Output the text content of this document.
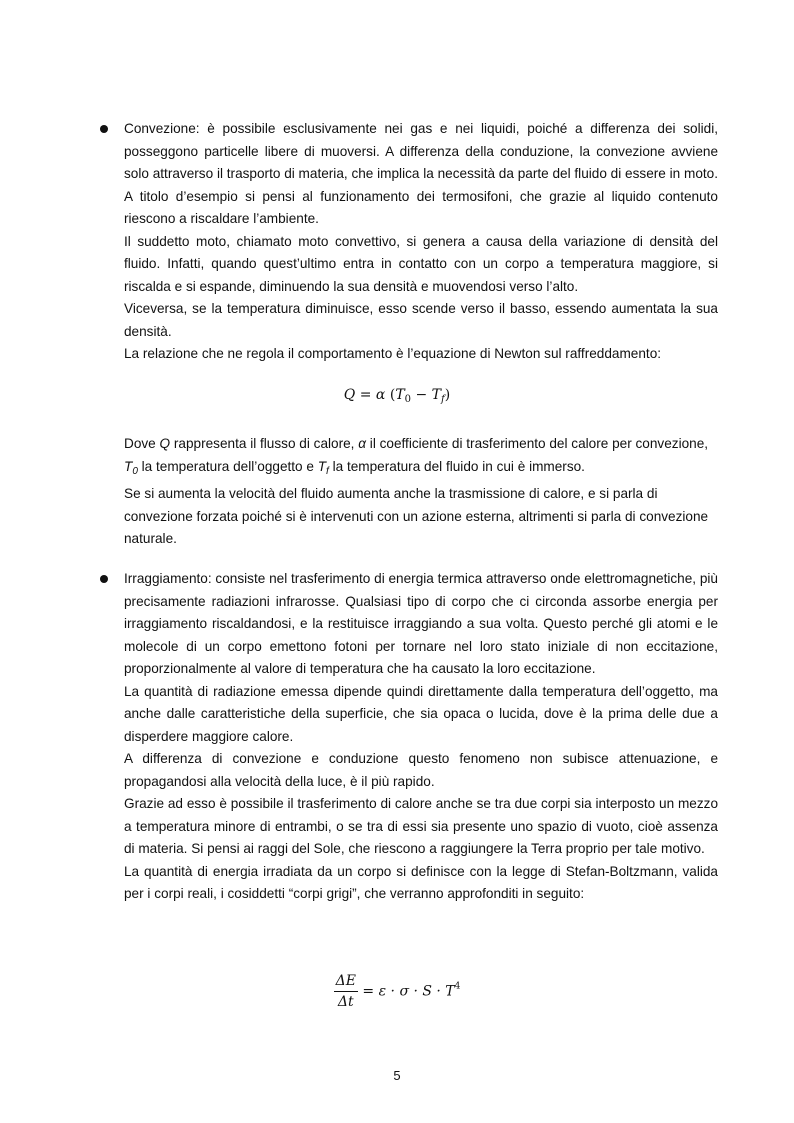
Convezione: è possibile esclusivamente nei gas e nei liquidi, poiché a differenza dei solidi, posseggono particelle libere di muoversi. A differenza della conduzione, la convezione avviene solo attraverso il trasporto di materia, che implica la necessità da parte del fluido di essere in moto. A titolo d’esempio si pensi al funzionamento dei termosifoni, che grazie al liquido contenuto riescono a riscaldare l’ambiente.

Il suddetto moto, chiamato moto convettivo, si genera a causa della variazione di densità del fluido. Infatti, quando quest’ultimo entra in contatto con un corpo a temperatura maggiore, si riscalda e si espande, diminuendo la sua densità e muovendosi verso l’alto.

Viceversa, se la temperatura diminuisce, esso scende verso il basso, essendo aumentata la sua densità.

La relazione che ne regola il comportamento è l’equazione di Newton sul raffreddamento:

Q = α $(T_0 - T_f)$

Dove Q rappresenta il flusso di calore, α il coefficiente di trasferimento del calore per convezione, $T_0$ la temperatura dell’oggetto e $T_f$ la temperatura del fluido in cui è immerso.

Se si aumenta la velocità del fluido aumenta anche la trasmissione di calore, e si parla di convezione forzata poiché si è intervenuti con un azione esterna, altrimenti si parla di convezione naturale.

Irraggiamento: consiste nel trasferimento di energia termica attraverso onde elettromagnetiche, più precisamente radiazioni infrarosse. Qualsiasi tipo di corpo che ci circonda assorbe energia per irraggiamento riscaldandosi, e la restituisce irraggiando a sua volta. Questo perché gli atomi e le molecole di un corpo emettono fotoni per tornare nel loro stato iniziale di non eccitazione, proporzionalmente al valore di temperatura che ha causato la loro eccitazione.

La quantità di radiazione emessa dipende quindi direttamente dalla temperatura dell’oggetto, ma anche dalle caratteristiche della superficie, che sia opaca o lucida, dove è la prima delle due a disperdere maggiore calore.

A differenza di convezione e conduzione questo fenomeno non subisce attenuazione, e propagandosi alla velocità della luce, è il più rapido.

Grazie ad esso è possibile il trasferimento di calore anche se tra due corpi sia interposto un mezzo a temperatura minore di entrambi, o se tra di essi sia presente uno spazio di vuoto, cioè assenza di materia. Si pensi ai raggi del Sole, che riescono a raggiungere la Terra proprio per tale motivo.

La quantità di energia irradiata da un corpo si definisce con la legge di Stefan-Boltzmann, valida per i corpi reali, i cosiddetti “corpi grigi”, che verranno approfonditi in seguito:

$\frac{\Delta E}{\Delta t} = \varepsilon \cdot \sigma \cdot S \cdot T^4$
5
